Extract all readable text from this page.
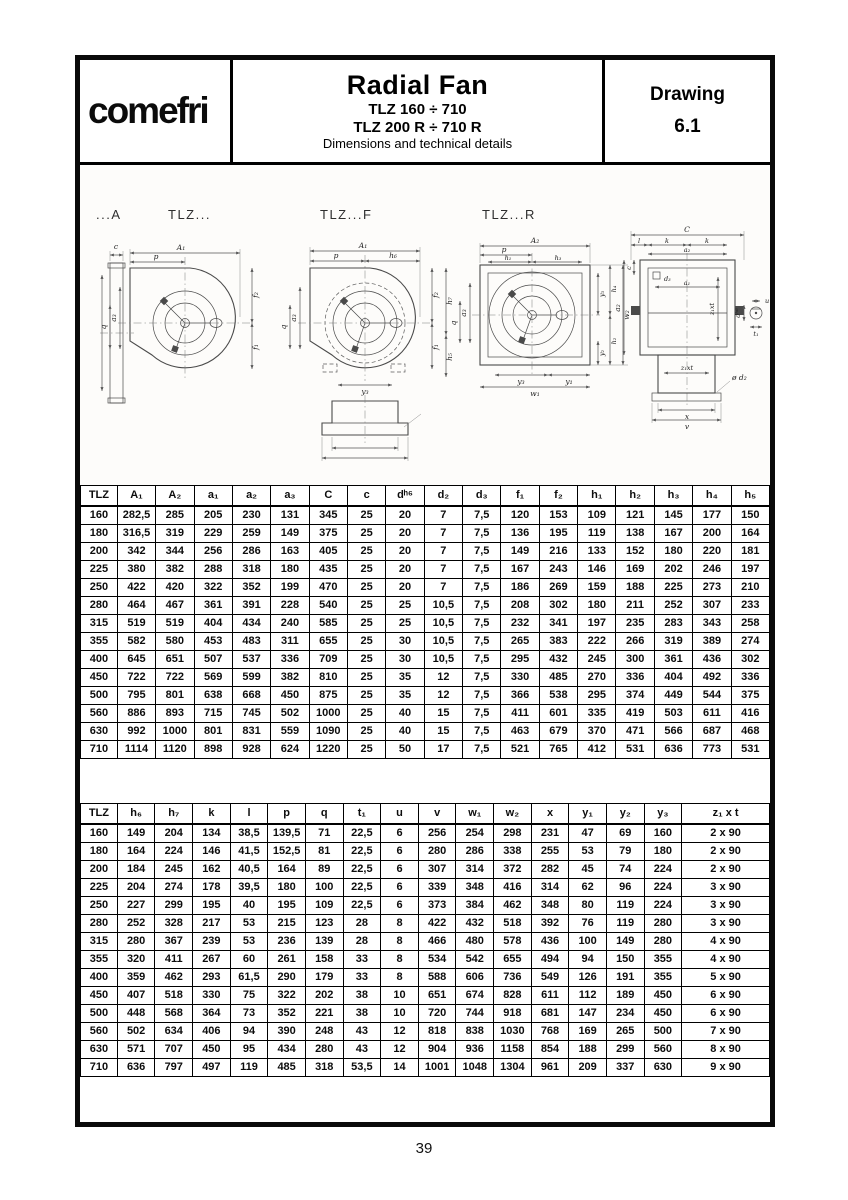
comefri
Radial Fan
TLZ 160 ÷ 710
TLZ 200 R ÷ 710 R
Dimensions and technical details
Drawing
6.1
...A	TLZ...	TLZ...F	TLZ...R
c	A₁
p
a₃
q
f₂
f₁
A₁
p	h₆
a₃
q
f₂
f₁
h₇
h₅
y₃
A₂
p
h₁	h₃
a₃
q
y₃
h₄
w₂
h₂
y₂
y₃	y₁
w₁
C
l	k	k
a₂
d₃ a₁
c
a₂	z₁xt
z₁xt
x
v
ø d₂
dʰ⁶
u
t₁
TLZ	A₁	A₂	a₁	a₂	a₃	C	c	dʰ⁶	d₂	d₃	f₁	f₂	h₁	h₂	h₃	h₄	h₅
160	282,5	285	205	230	131	345	25	20	7	7,5	120	153	109	121	145	177	150
180	316,5	319	229	259	149	375	25	20	7	7,5	136	195	119	138	167	200	164
200	342	344	256	286	163	405	25	20	7	7,5	149	216	133	152	180	220	181
225	380	382	288	318	180	435	25	20	7	7,5	167	243	146	169	202	246	197
250	422	420	322	352	199	470	25	20	7	7,5	186	269	159	188	225	273	210
280	464	467	361	391	228	540	25	25	10,5	7,5	208	302	180	211	252	307	233
315	519	519	404	434	240	585	25	25	10,5	7,5	232	341	197	235	283	343	258
355	582	580	453	483	311	655	25	30	10,5	7,5	265	383	222	266	319	389	274
400	645	651	507	537	336	709	25	30	10,5	7,5	295	432	245	300	361	436	302
450	722	722	569	599	382	810	25	35	12	7,5	330	485	270	336	404	492	336
500	795	801	638	668	450	875	25	35	12	7,5	366	538	295	374	449	544	375
560	886	893	715	745	502	1000	25	40	15	7,5	411	601	335	419	503	611	416
630	992	1000	801	831	559	1090	25	40	15	7,5	463	679	370	471	566	687	468
710	1114	1120	898	928	624	1220	25	50	17	7,5	521	765	412	531	636	773	531
TLZ	h₆	h₇	k	l	p	q	t₁	u	v	w₁	w₂	x	y₁	y₂	y₃	z₁ x t
160	149	204	134	38,5	139,5	71	22,5	6	256	254	298	231	47	69	160	2 x 90
180	164	224	146	41,5	152,5	81	22,5	6	280	286	338	255	53	79	180	2 x 90
200	184	245	162	40,5	164	89	22,5	6	307	314	372	282	45	74	224	2 x 90
225	204	274	178	39,5	180	100	22,5	6	339	348	416	314	62	96	224	3 x 90
250	227	299	195	40	195	109	22,5	6	373	384	462	348	80	119	224	3 x 90
280	252	328	217	53	215	123	28	8	422	432	518	392	76	119	280	3 x 90
315	280	367	239	53	236	139	28	8	466	480	578	436	100	149	280	4 x 90
355	320	411	267	60	261	158	33	8	534	542	655	494	94	150	355	4 x 90
400	359	462	293	61,5	290	179	33	8	588	606	736	549	126	191	355	5 x 90
450	407	518	330	75	322	202	38	10	651	674	828	611	112	189	450	6 x 90
500	448	568	364	73	352	221	38	10	720	744	918	681	147	234	450	6 x 90
560	502	634	406	94	390	248	43	12	818	838	1030	768	169	265	500	7 x 90
630	571	707	450	95	434	280	43	12	904	936	1158	854	188	299	560	8 x 90
710	636	797	497	119	485	318	53,5	14	1001	1048	1304	961	209	337	630	9 x 90
39
